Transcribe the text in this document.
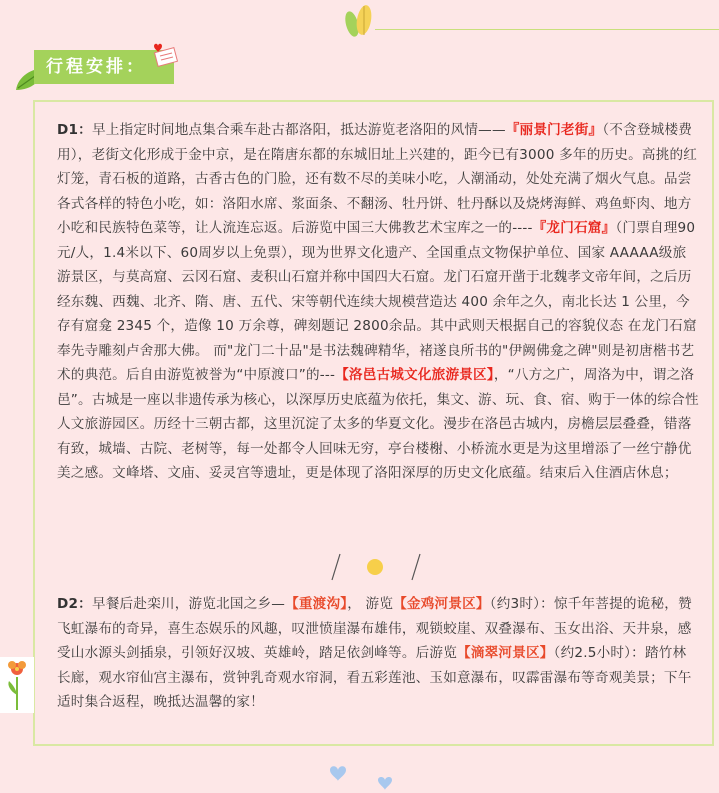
行程安排：
D1：早上指定时间地点集合乘车赴古都洛阳，抵达游览老洛阳的风情——『丽景门老街』（不含登城楼费用），老街文化形成于金中京，是在隋唐东都的东城旧址上兴建的，距今已有3000 多年的历史。高挑的红灯笼，青石板的道路，古香古色的门脸，还有数不尽的美味小吃，人潮涌动，处处充满了烟火气息。品尝各式各样的特色小吃，如：洛阳水席、浆面条、不翻汤、牡丹饼、牡丹酥以及烧烤海鲜、鸡鱼虾肉、地方小吃和民族特色菜等，让人流连忘返。后游览中国三大佛教艺术宝库之一的----『龙门石窟』（门票自理90元/人，1.4米以下、60周岁以上免票），现为世界文化遗产、全国重点文物保护单位、国家 AAAAA级旅游景区，与莫高窟、云冈石窟、麦积山石窟并称中国四大石窟。龙门石窟开凿于北魏孝文帝年间，之后历经东魏、西魏、北齐、隋、唐、五代、宋等朝代连续大规模营造达 400 余年之久，南北长达 1 公里，今存有窟龛 2345 个，造像 10 万余尊，碑刻题记 2800余品。其中武则天根据自己的容貌仪态 在龙门石窟奉先寺雕刻卢舍那大佛。 而"龙门二十品"是书法魏碑精华，褚遂良所书的"伊阙佛龛之碑"则是初唐楷书艺术的典范。后自由游览被誉为“中原渡口”的---【洛邑古城文化旅游景区】，“八方之广，周洛为中，谓之洛邑”。古城是一座以非遗传承为核心，以深厚历史底蕴为依托，集文、游、玩、食、宿、购于一体的综合性人文旅游园区。历经十三朝古都，这里沉淀了太多的华夏文化。漫步在洛邑古城内，房檐层层叠叠，错落有致，城墙、古院、老树等，每一处都令人回味无穷，亭台楼榭、小桥流水更是为这里增添了一丝宁静优美之感。文峰塔、文庙、妥灵宫等遗址，更是体现了洛阳深厚的历史文化底蕴。结束后入住酒店休息；
D2：早餐后赴栾川，游览北国之乡—【重渡沟】， 游览【金鸡河景区】（约3时）：惊千年菩提的诡秘，赞飞虹瀑布的奇异，喜生态娱乐的风趣，叹泄愤崖瀑布雄伟，观锁蛟崖、双叠瀑布、玉女出浴、天井泉，感受山水源头剑插泉，引领好汉坡、英雄岭，踏足依剑峰等。后游览【滴翠河景区】（约2.5小时）：踏竹林长廊，观水帘仙宫主瀑布，赏钟乳奇观水帘洞，看五彩莲池、玉如意瀑布，叹霹雷瀑布等奇观美景；下午适时集合返程，晚抵达温馨的家！
